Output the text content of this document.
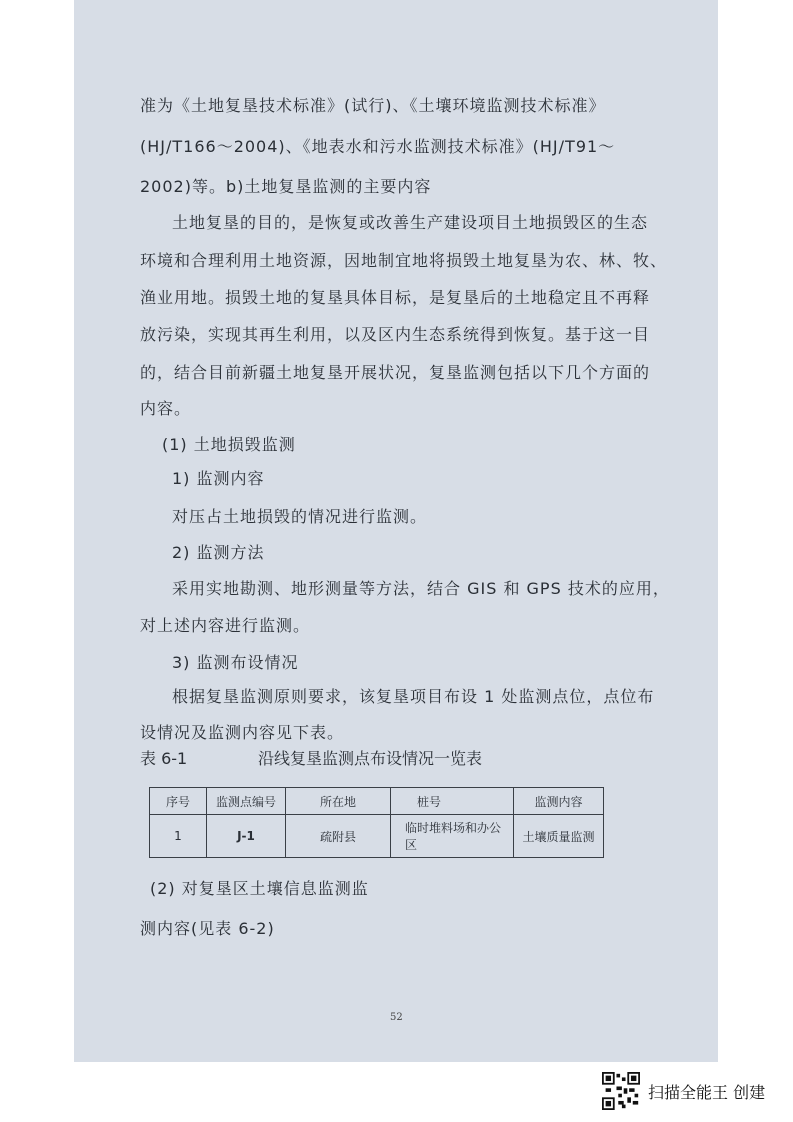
准为《土地复垦技术标准》(试行)、《土壤环境监测技术标准》
(HJ/T166～2004)、《地表水和污水监测技术标准》(HJ/T91～
2002)等。b)土地复垦监测的主要内容
土地复垦的目的，是恢复或改善生产建设项目土地损毁区的生态
环境和合理利用土地资源，因地制宜地将损毁土地复垦为农、林、牧、
渔业用地。损毁土地的复垦具体目标，是复垦后的土地稳定且不再释
放污染，实现其再生利用，以及区内生态系统得到恢复。基于这一目
的，结合目前新疆土地复垦开展状况，复垦监测包括以下几个方面的
内容。
(1) 土地损毁监测
1) 监测内容
对压占土地损毁的情况进行监测。
2) 监测方法
采用实地勘测、地形测量等方法，结合 GIS 和 GPS 技术的应用，
对上述内容进行监测。
3) 监测布设情况
根据复垦监测原则要求，该复垦项目布设 1 处监测点位，点位布
设情况及监测内容见下表。
表 6-1	沿线复垦监测点布设情况一览表
序号	监测点编号	所在地	桩号	监测内容
1	J-1	疏附县	临时堆料场和办公区	土壤质量监测
(2) 对复垦区土壤信息监测监
测内容(见表 6-2)
52
扫描全能王 创建
